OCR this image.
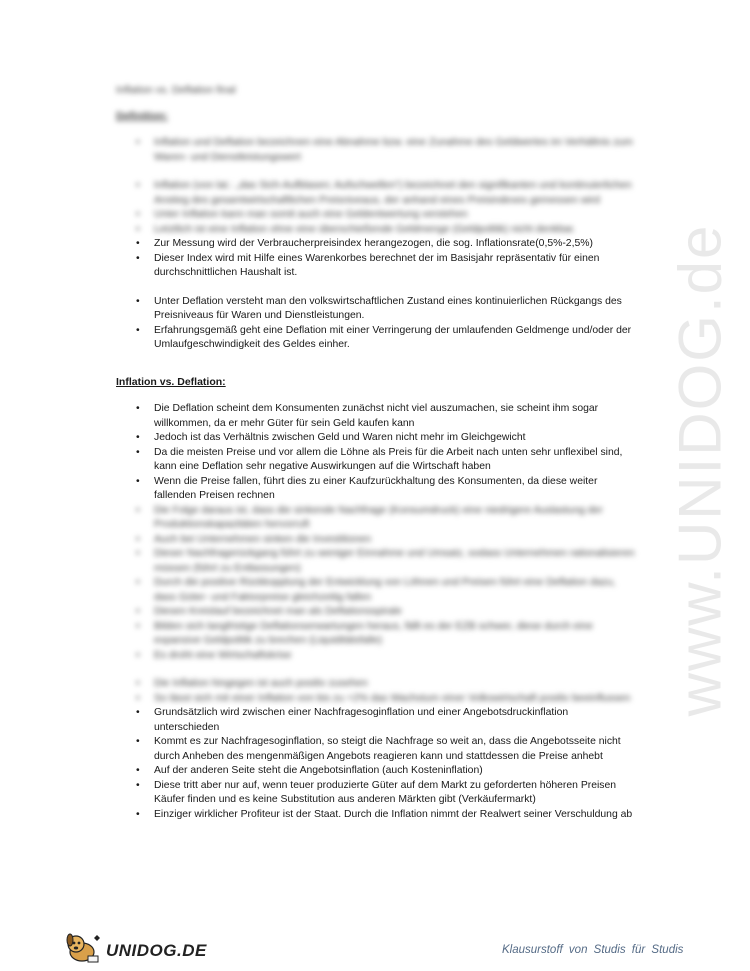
www.UNIDOG.de
Inflation vs. Deflation final
Definition:
• Inflation und Deflation bezeichnen eine Abnahme bzw. eine Zunahme des Geldwertes im Verhältnis zum Waren- und Dienstleistungswert
• Inflation (von lat.: „das Sich-Aufblasen; Aufschwellen“) bezeichnet den signifikanten und kontinuierlichen Anstieg des gesamtwirtschaftlichen Preisniveaus, der anhand eines Preisindexes gemessen wird
• Unter Inflation kann man somit auch eine Geldentwertung verstehen
• Letztlich ist eine Inflation ohne eine überschießende Geldmenge (Geldpolitik) nicht denkbar.
• Zur Messung wird der Verbraucherpreisindex herangezogen, die sog. Inflationsrate(0,5%-2,5%)
• Dieser Index wird mit Hilfe eines Warenkorbes berechnet der im Basisjahr repräsentativ für einen durchschnittlichen Haushalt ist.
• Unter Deflation versteht man den volkswirtschaftlichen Zustand eines kontinuierlichen Rückgangs des Preisniveaus für Waren und Dienstleistungen.
• Erfahrungsgemäß geht eine Deflation mit einer Verringerung der umlaufenden Geldmenge und/oder der Umlaufgeschwindigkeit des Geldes einher.
Inflation vs. Deflation:
• Die Deflation scheint dem Konsumenten zunächst nicht viel auszumachen, sie scheint ihm sogar willkommen, da er mehr Güter für sein Geld kaufen kann
• Jedoch ist das Verhältnis zwischen Geld und Waren nicht mehr im Gleichgewicht
• Da die meisten Preise und vor allem die Löhne als Preis für die Arbeit nach unten sehr unflexibel sind, kann eine Deflation sehr negative Auswirkungen auf die Wirtschaft haben
• Wenn die Preise fallen, führt dies zu einer Kaufzurückhaltung des Konsumenten, da diese weiter fallenden Preisen rechnen
• Die Folge daraus ist, dass die sinkende Nachfrage (Konsumdruck) eine niedrigere Auslastung der Produktionskapazitäten hervorruft
• Auch bei Unternehmen sinken die Investitionen
• Dieser Nachfragerückgang führt zu weniger Einnahme und Umsatz, sodass Unternehmen rationalisieren müssen (führt zu Entlassungen)
• Durch die positive Rückkopplung der Entwicklung von Löhnen und Preisen führt eine Deflation dazu, dass Güter- und Faktorpreise gleichzeitig fallen
• Diesen Kreislauf bezeichnet man als Deflationsspirale
• Bilden sich langfristige Deflationserwartungen heraus, fällt es der EZB schwer, diese durch eine expansive Geldpolitik zu brechen (Liquiditätsfalle)
• Es droht eine Wirtschaftskrise
• Die Inflation hingegen ist auch positiv zusehen
• So lässt sich mit einer Inflation von bis zu +2% das Wachstum einer Volkswirtschaft positiv beeinflussen
• Grundsätzlich wird zwischen einer Nachfragesoginflation und einer Angebotsdruckinflation unterschieden
• Kommt es zur Nachfragesoginflation, so steigt die Nachfrage so weit an, dass die Angebotsseite nicht durch Anheben des mengenmäßigen Angebots reagieren kann und stattdessen die Preise anhebt
• Auf der anderen Seite steht die Angebotsinflation (auch Kosteninflation)
• Diese tritt aber nur auf, wenn teuer produzierte Güter auf dem Markt zu geforderten höheren Preisen Käufer finden und es keine Substitution aus anderen Märkten gibt (Verkäufermarkt)
• Einziger wirklicher Profiteur ist der Staat. Durch die Inflation nimmt der Realwert seiner Verschuldung ab
UNIDOG.DE	Klausurstoff von Studis für Studis
